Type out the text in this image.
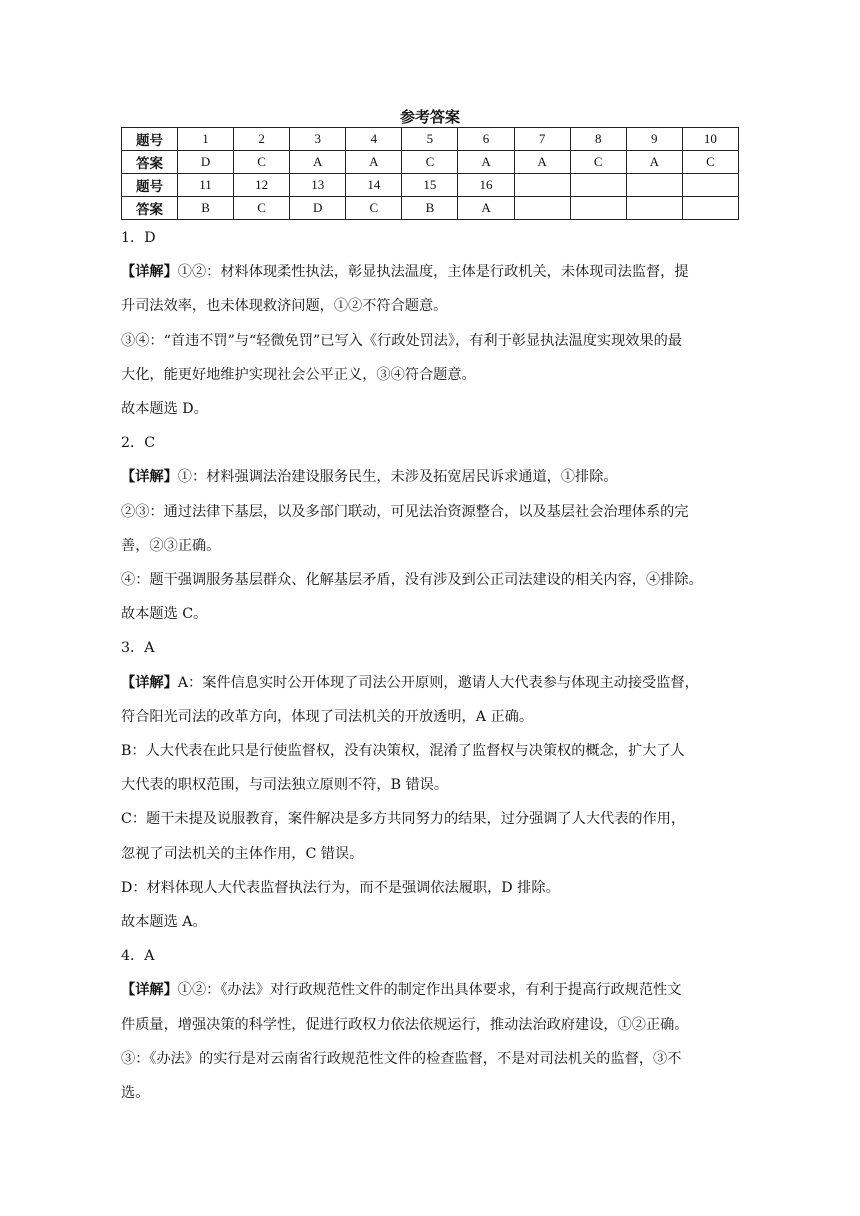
参考答案
题号	1	2	3	4	5	6	7	8	9	10
答案	D	C	A	A	C	A	A	C	A	C
题号	11	12	13	14	15	16				
答案	B	C	D	C	B	A				
1．D
【详解】①②：材料体现柔性执法，彰显执法温度，主体是行政机关，未体现司法监督，提
升司法效率，也未体现救济问题，①②不符合题意。
③④：“首违不罚”与“轻微免罚”已写入《行政处罚法》，有利于彰显执法温度实现效果的最
大化，能更好地维护实现社会公平正义，③④符合题意。
故本题选 D。
2．C
【详解】①：材料强调法治建设服务民生，未涉及拓宽居民诉求通道，①排除。
②③：通过法律下基层，以及多部门联动，可见法治资源整合，以及基层社会治理体系的完
善，②③正确。
④：题干强调服务基层群众、化解基层矛盾，没有涉及到公正司法建设的相关内容，④排除。
故本题选 C。
3．A
【详解】A：案件信息实时公开体现了司法公开原则，邀请人大代表参与体现主动接受监督，
符合阳光司法的改革方向，体现了司法机关的开放透明，A 正确。
B：人大代表在此只是行使监督权，没有决策权，混淆了监督权与决策权的概念，扩大了人
大代表的职权范围，与司法独立原则不符，B 错误。
C：题干未提及说服教育，案件解决是多方共同努力的结果，过分强调了人大代表的作用，
忽视了司法机关的主体作用，C 错误。
D：材料体现人大代表监督执法行为，而不是强调依法履职，D 排除。
故本题选 A。
4．A
【详解】①②：《办法》对行政规范性文件的制定作出具体要求，有利于提高行政规范性文
件质量，增强决策的科学性，促进行政权力依法依规运行，推动法治政府建设，①②正确。
③：《办法》的实行是对云南省行政规范性文件的检查监督，不是对司法机关的监督，③不
选。
